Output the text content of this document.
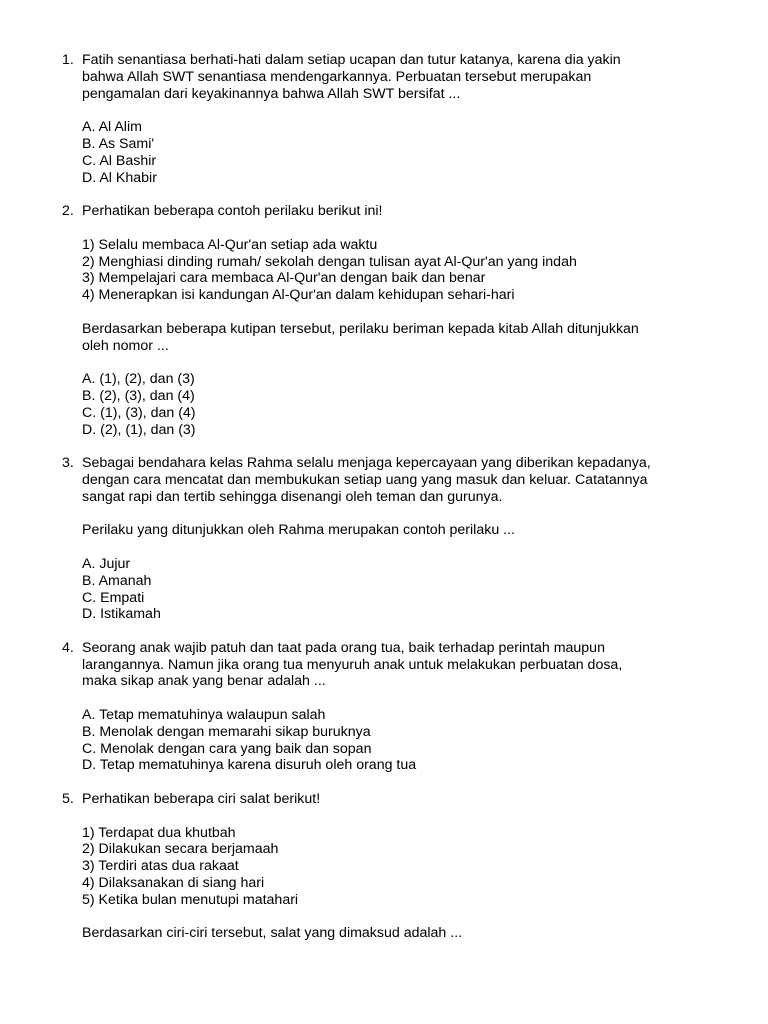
1. Fatih senantiasa berhati-hati dalam setiap ucapan dan tutur katanya, karena dia yakin
bahwa Allah SWT senantiasa mendengarkannya. Perbuatan tersebut merupakan
pengamalan dari keyakinannya bahwa Allah SWT bersifat ...
A. Al Alim
B. As Sami'
C. Al Bashir
D. Al Khabir
2. Perhatikan beberapa contoh perilaku berikut ini!
1) Selalu membaca Al-Qur'an setiap ada waktu
2) Menghiasi dinding rumah/ sekolah dengan tulisan ayat Al-Qur'an yang indah
3) Mempelajari cara membaca Al-Qur'an dengan baik dan benar
4) Menerapkan isi kandungan Al-Qur'an dalam kehidupan sehari-hari
Berdasarkan beberapa kutipan tersebut, perilaku beriman kepada kitab Allah ditunjukkan
oleh nomor ...
A. (1), (2), dan (3)
B. (2), (3), dan (4)
C. (1), (3), dan (4)
D. (2), (1), dan (3)
3. Sebagai bendahara kelas Rahma selalu menjaga kepercayaan yang diberikan kepadanya,
dengan cara mencatat dan membukukan setiap uang yang masuk dan keluar. Catatannya
sangat rapi dan tertib sehingga disenangi oleh teman dan gurunya.
Perilaku yang ditunjukkan oleh Rahma merupakan contoh perilaku ...
A. Jujur
B. Amanah
C. Empati
D. Istikamah
4. Seorang anak wajib patuh dan taat pada orang tua, baik terhadap perintah maupun
larangannya. Namun jika orang tua menyuruh anak untuk melakukan perbuatan dosa,
maka sikap anak yang benar adalah ...
A. Tetap mematuhinya walaupun salah
B. Menolak dengan memarahi sikap buruknya
C. Menolak dengan cara yang baik dan sopan
D. Tetap mematuhinya karena disuruh oleh orang tua
5. Perhatikan beberapa ciri salat berikut!
1) Terdapat dua khutbah
2) Dilakukan secara berjamaah
3) Terdiri atas dua rakaat
4) Dilaksanakan di siang hari
5) Ketika bulan menutupi matahari
Berdasarkan ciri-ciri tersebut, salat yang dimaksud adalah ...
